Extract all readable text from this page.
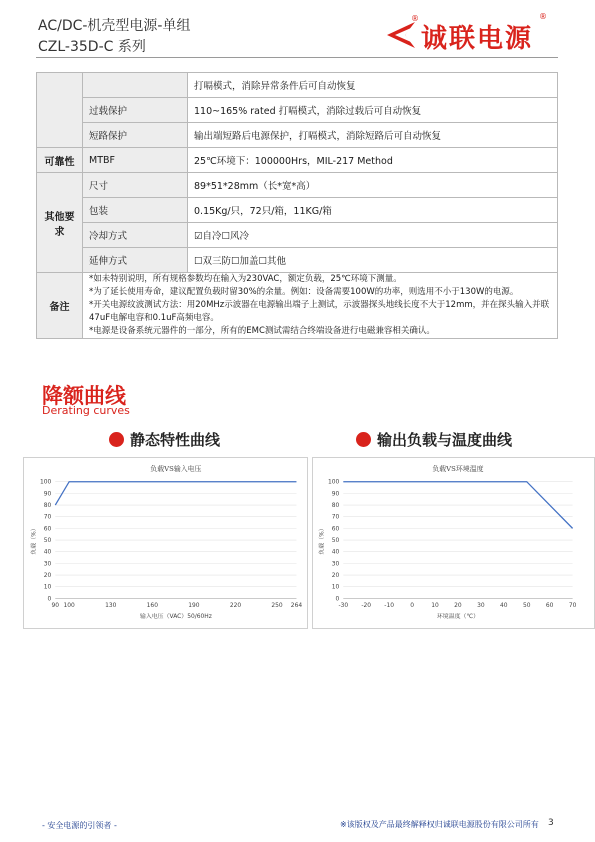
AC/DC-机壳型电源-单组
CZL-35D-C 系列
®
诚联电源
®
		打嗝模式，消除异常条件后可自动恢复
	过载保护	110~165% rated 打嗝模式，消除过载后可自动恢复
	短路保护	输出端短路后电源保护，打嗝模式，消除短路后可自动恢复
可靠性	MTBF	25℃环境下：100000Hrs，MIL-217 Method
其他要求	尺寸	89*51*28mm（长*宽*高）
	包装	0.15Kg/只，72只/箱，11KG/箱
	冷却方式	☑自冷☐风冷
	延伸方式	☐双三防☐加盖☐其他
备注	*如未特别说明，所有规格参数均在输入为230VAC，额定负载，25℃环境下测量。

*为了延长使用寿命，建议配置负载时留30%的余量。例如：设备需要100W的功率，则选用不小于130W的电源。

*开关电源纹波测试方法：用20MHz示波器在电源输出端子上测试，示波器探头地线长度不大于12mm，并在探头输入并联47uF电解电容和0.1uF高频电容。

*电源是设备系统元器件的一部分，所有的EMC测试需结合终端设备进行电磁兼容相关确认。	

降额曲线
Derating curves
静态特性曲线	输出负载与温度曲线
负载VS输入电压
0
10
20
30
40
50
60
70
80
90
100
90 100	130	160	190	220	250 264
输入电压（VAC）50/60Hz
负载（%）
负载VS环境温度
0
10
20
30
40
50
60
70
80
90
100
-30 -20 -10	0	10	20	30	40	50	60	70
环境温度（℃）
负载（%）
- 安全电源的引领者 -	※该版权及产品最终解释权归诚联电源股份有限公司所有 3
